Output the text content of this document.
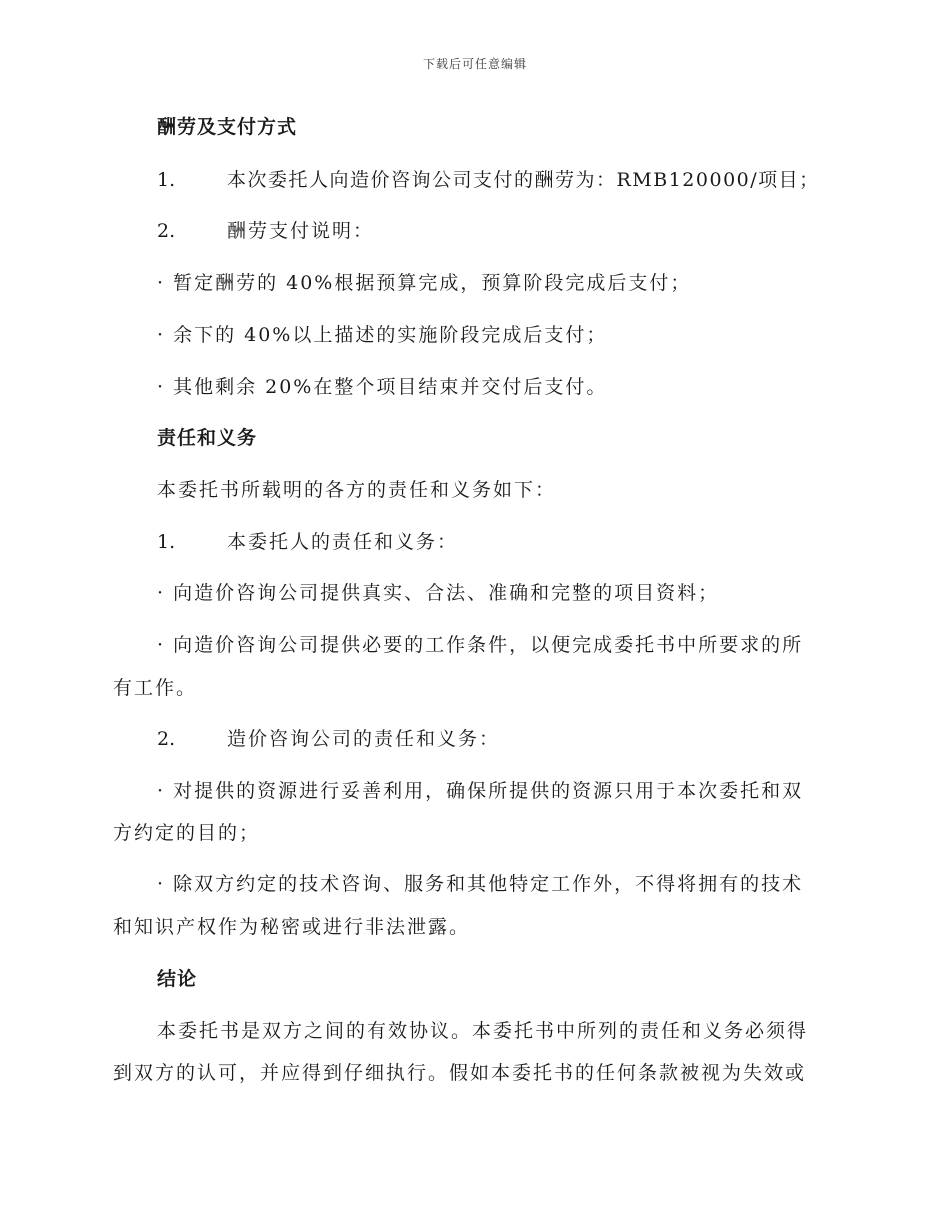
下载后可任意编辑
酬劳及支付方式
1.	本次委托人向造价咨询公司支付的酬劳为：RMB120000/项目；
2.	酬劳支付说明：
· 暂定酬劳的 40%根据预算完成，预算阶段完成后支付；
· 余下的 40%以上描述的实施阶段完成后支付；
· 其他剩余 20%在整个项目结束并交付后支付。
责任和义务
本委托书所载明的各方的责任和义务如下：
1.	本委托人的责任和义务：
· 向造价咨询公司提供真实、合法、准确和完整的项目资料；
· 向造价咨询公司提供必要的工作条件，以便完成委托书中所要求的所
有工作。
2.	造价咨询公司的责任和义务：
· 对提供的资源进行妥善利用，确保所提供的资源只用于本次委托和双
方约定的目的；
· 除双方约定的技术咨询、服务和其他特定工作外，不得将拥有的技术
和知识产权作为秘密或进行非法泄露。
结论
本委托书是双方之间的有效协议。本委托书中所列的责任和义务必须得
到双方的认可，并应得到仔细执行。假如本委托书的任何条款被视为失效或
